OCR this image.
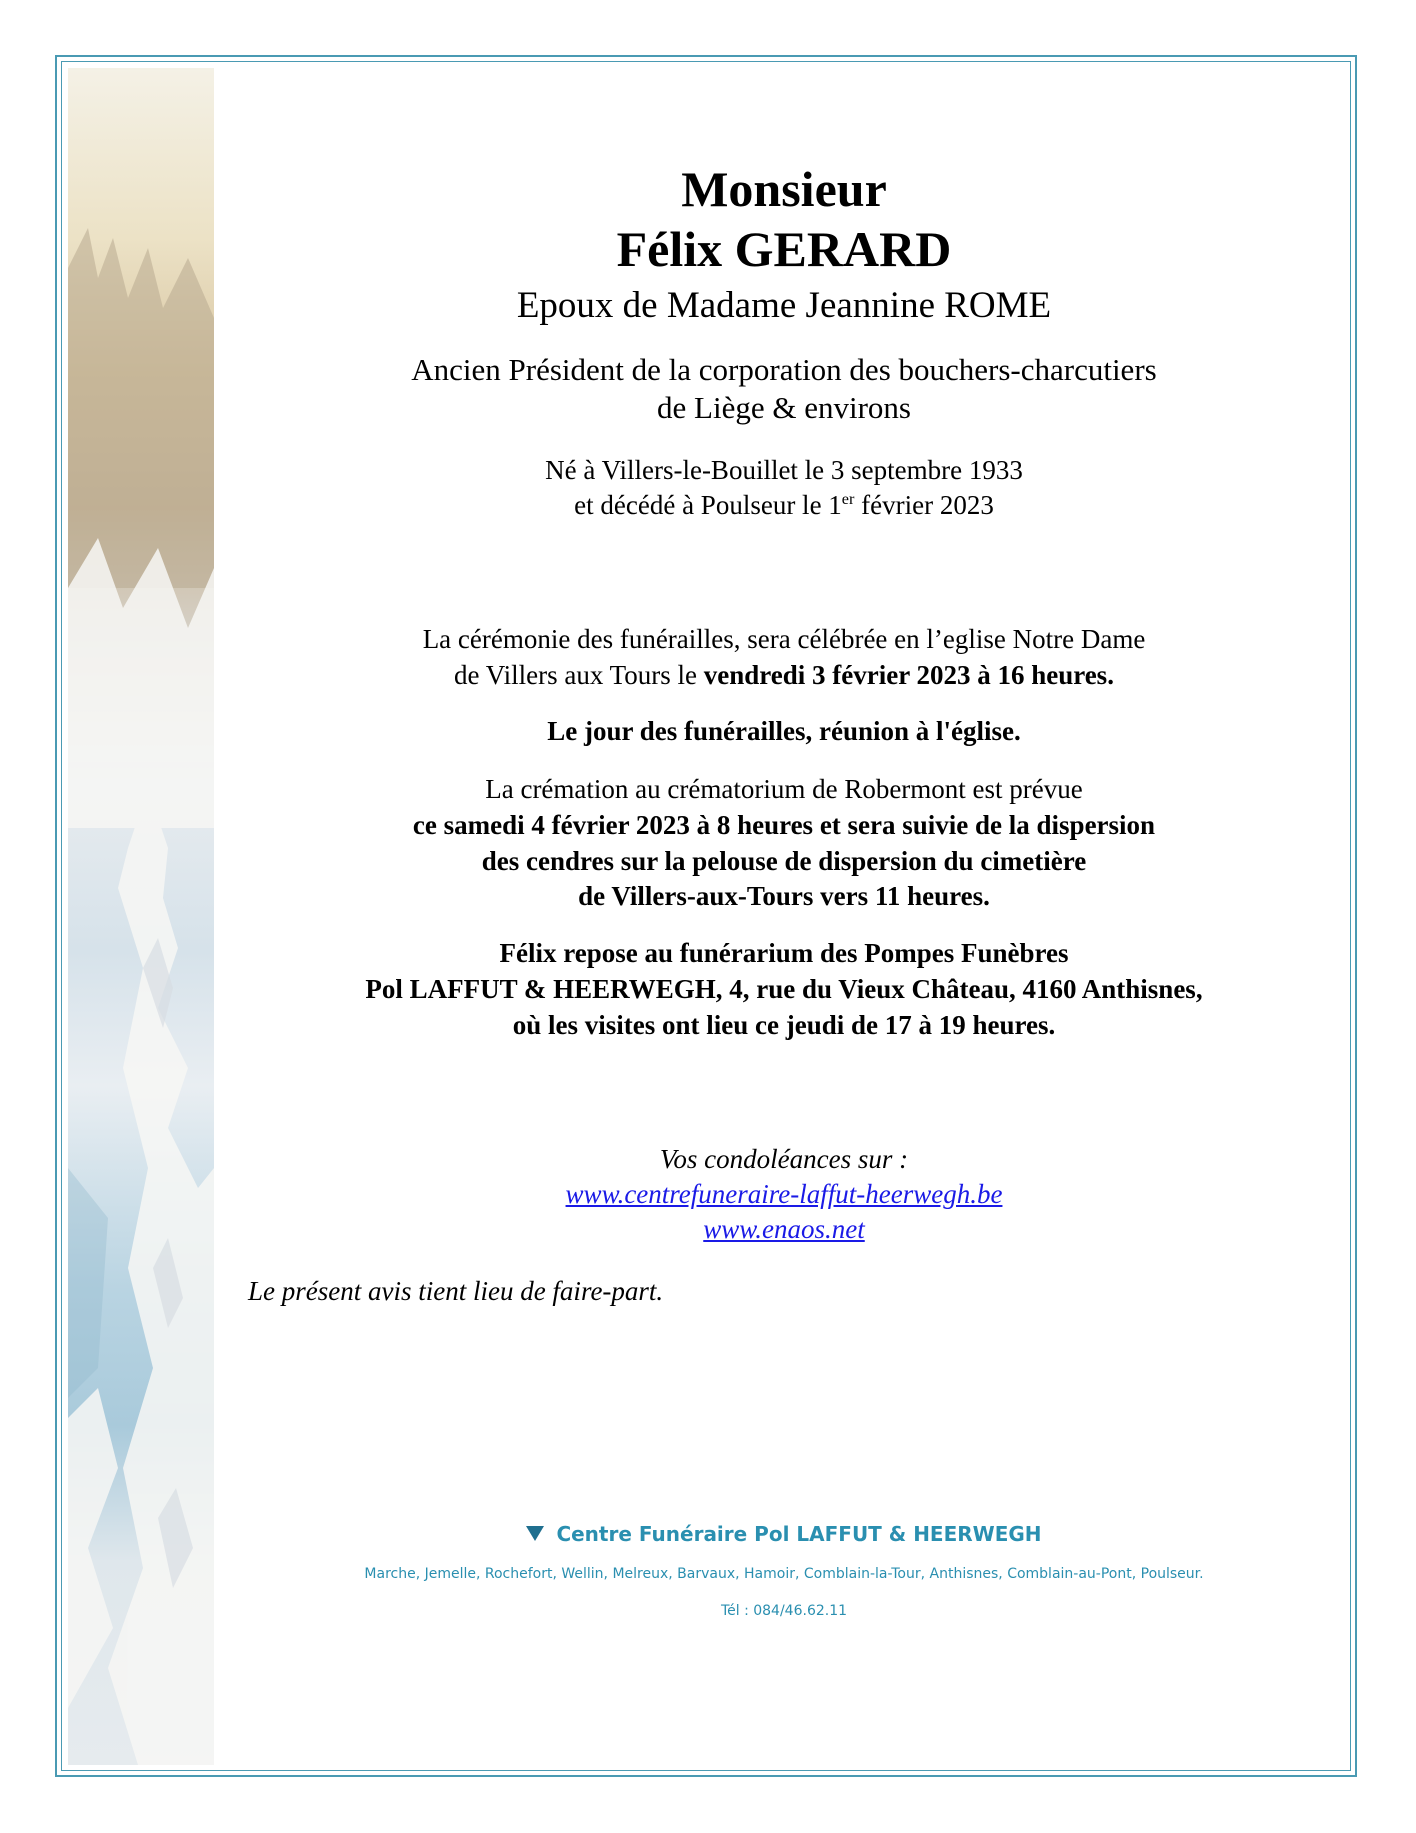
Monsieur
Félix GERARD
Epoux de Madame Jeannine ROME
Ancien Président de la corporation des bouchers-charcutiers
de Liège & environs
Né à Villers-le-Bouillet le 3 septembre 1933
et décédé à Poulseur le 1er février 2023
La cérémonie des funérailles, sera célébrée en l’eglise Notre Dame
de Villers aux Tours le vendredi 3 février 2023 à 16 heures.
Le jour des funérailles, réunion à l'église.
La crémation au crématorium de Robermont est prévue
ce samedi 4 février 2023 à 8 heures et sera suivie de la dispersion
des cendres sur la pelouse de dispersion du cimetière
de Villers-aux-Tours vers 11 heures.
Félix repose au funérarium des Pompes Funèbres
Pol LAFFUT & HEERWEGH, 4, rue du Vieux Château, 4160 Anthisnes,
où les visites ont lieu ce jeudi de 17 à 19 heures.
Vos condoléances sur :
www.centrefuneraire-laffut-heerwegh.be
www.enaos.net
Le présent avis tient lieu de faire-part.
Centre Funéraire Pol LAFFUT & HEERWEGH
Marche, Jemelle, Rochefort, Wellin, Melreux, Barvaux, Hamoir, Comblain-la-Tour, Anthisnes, Comblain-au-Pont, Poulseur.
Tél : 084/46.62.11
